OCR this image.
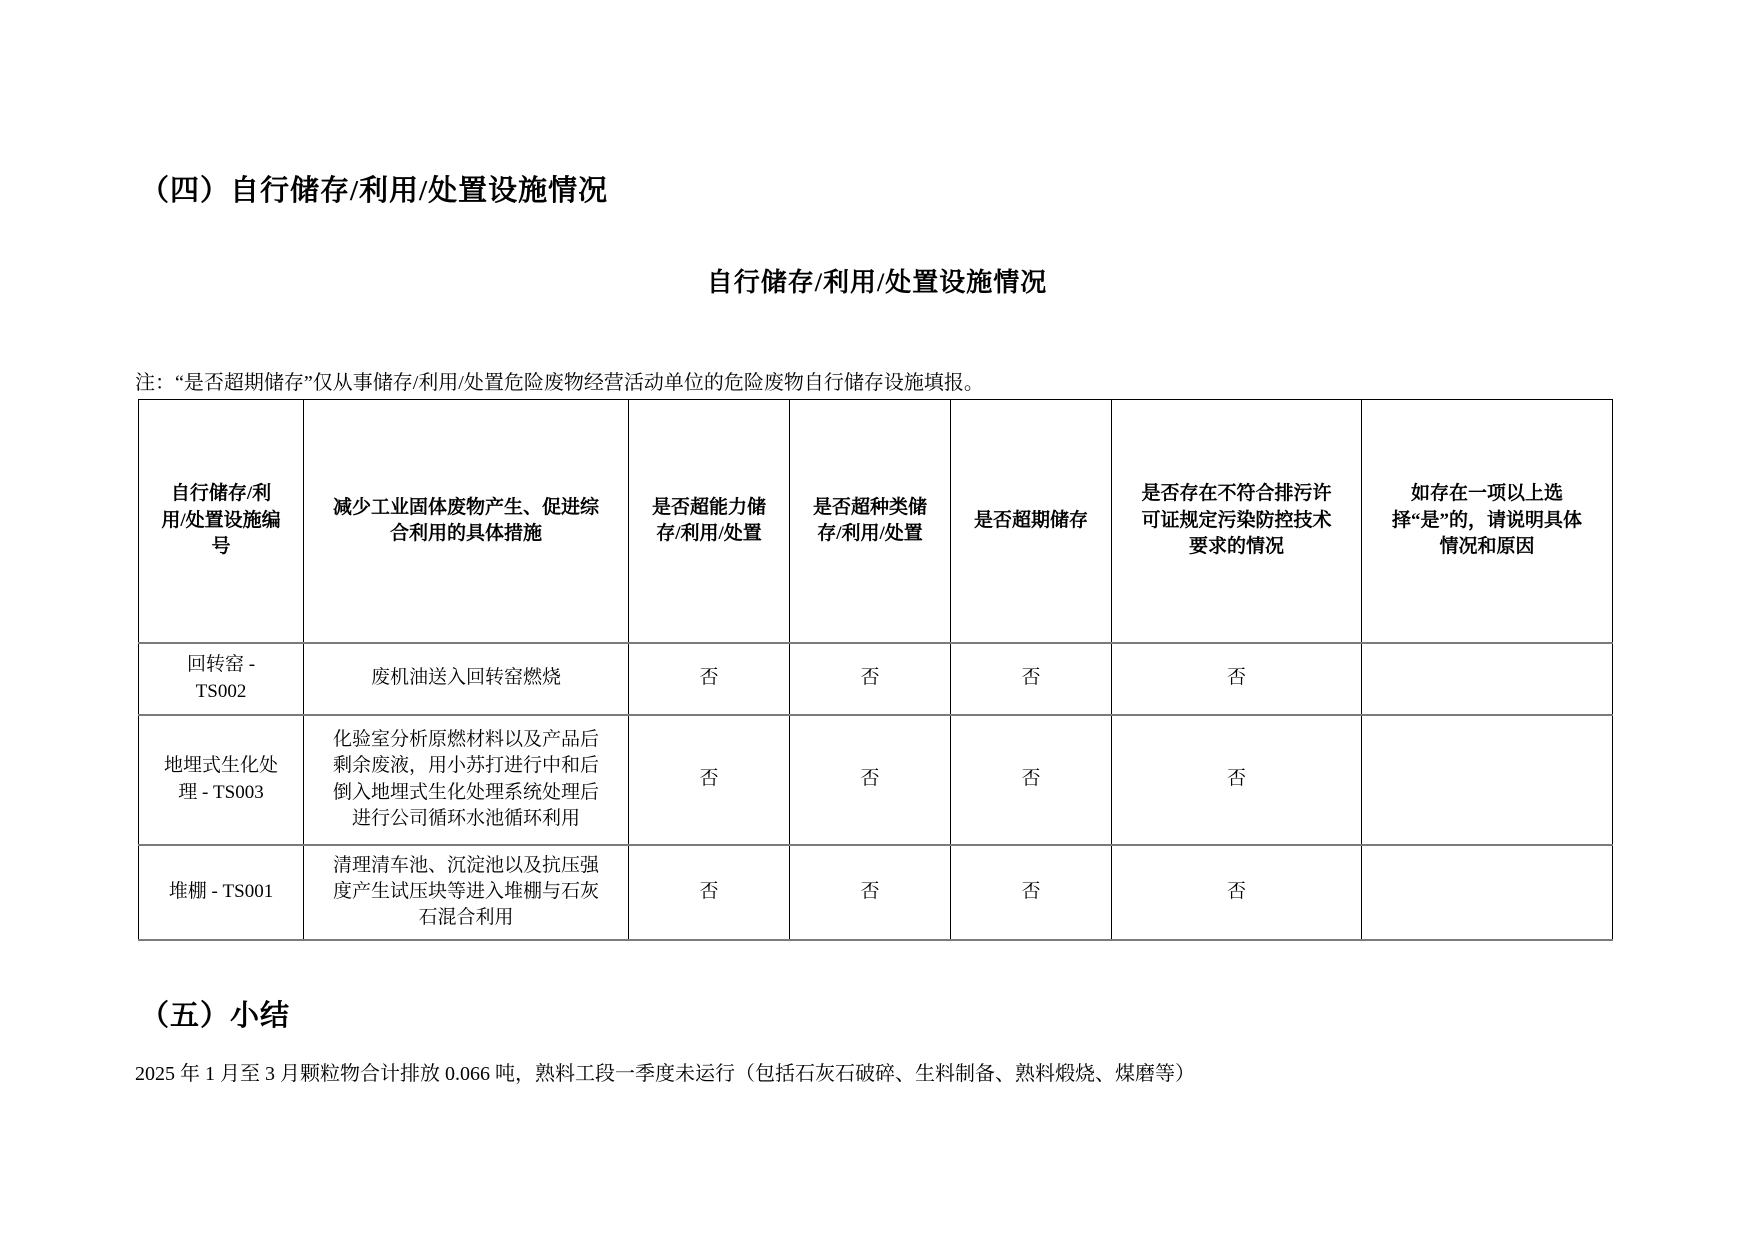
（四）自行储存/利用/处置设施情况
自行储存/利用/处置设施情况
注：“是否超期储存”仅从事储存/利用/处置危险废物经营活动单位的危险废物自行储存设施填报。
自行储存/利用/处置设施编号	减少工业固体废物产生、促进综合利用的具体措施	是否超能力储存/利用/处置	是否超种类储存/利用/处置	是否超期储存	是否存在不符合排污许可证规定污染防控技术要求的情况	如存在一项以上选择“是”的，请说明具体情况和原因
回转窑 - TS002	废机油送入回转窑燃烧	否	否	否	否	
地埋式生化处理 - TS003	化验室分析原燃材料以及产品后剩余废液，用小苏打进行中和后倒入地埋式生化处理系统处理后进行公司循环水池循环利用	否	否	否	否	
堆棚 - TS001	清理清车池、沉淀池以及抗压强度产生试压块等进入堆棚与石灰石混合利用	否	否	否	否	
（五）小结
2025 年 1 月至 3 月颗粒物合计排放 0.066 吨，熟料工段一季度未运行（包括石灰石破碎、生料制备、熟料煅烧、煤磨等）
